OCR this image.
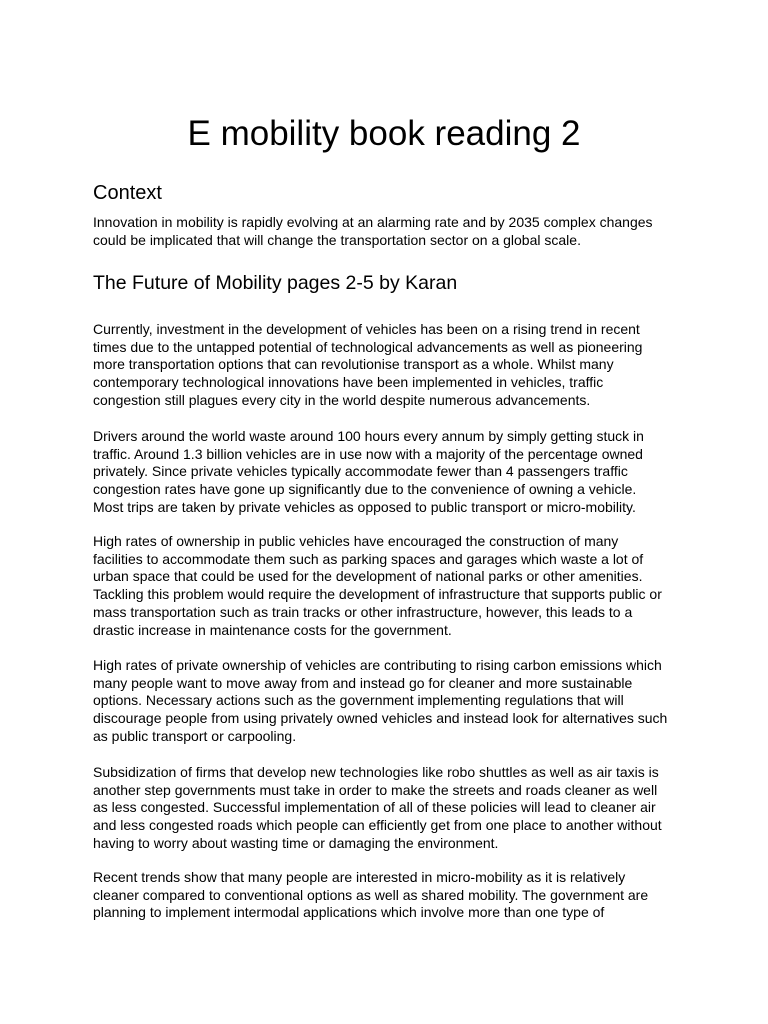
E mobility book reading 2
Context

Innovation in mobility is rapidly evolving at an alarming rate and by 2035 complex changes
could be implicated that will change the transportation sector on a global scale.

The Future of Mobility pages 2-5 by Karan

Currently, investment in the development of vehicles has been on a rising trend in recent
times due to the untapped potential of technological advancements as well as pioneering
more transportation options that can revolutionise transport as a whole. Whilst many
contemporary technological innovations have been implemented in vehicles, traffic
congestion still plagues every city in the world despite numerous advancements.

Drivers around the world waste around 100 hours every annum by simply getting stuck in
traffic. Around 1.3 billion vehicles are in use now with a majority of the percentage owned
privately. Since private vehicles typically accommodate fewer than 4 passengers traffic
congestion rates have gone up significantly due to the convenience of owning a vehicle.
Most trips are taken by private vehicles as opposed to public transport or micro-mobility.

High rates of ownership in public vehicles have encouraged the construction of many
facilities to accommodate them such as parking spaces and garages which waste a lot of
urban space that could be used for the development of national parks or other amenities.
Tackling this problem would require the development of infrastructure that supports public or
mass transportation such as train tracks or other infrastructure, however, this leads to a
drastic increase in maintenance costs for the government.

High rates of private ownership of vehicles are contributing to rising carbon emissions which
many people want to move away from and instead go for cleaner and more sustainable
options. Necessary actions such as the government implementing regulations that will
discourage people from using privately owned vehicles and instead look for alternatives such
as public transport or carpooling.

Subsidization of firms that develop new technologies like robo shuttles as well as air taxis is
another step governments must take in order to make the streets and roads cleaner as well
as less congested. Successful implementation of all of these policies will lead to cleaner air
and less congested roads which people can efficiently get from one place to another without
having to worry about wasting time or damaging the environment.

Recent trends show that many people are interested in micro-mobility as it is relatively
cleaner compared to conventional options as well as shared mobility. The government are
planning to implement intermodal applications which involve more than one type of
